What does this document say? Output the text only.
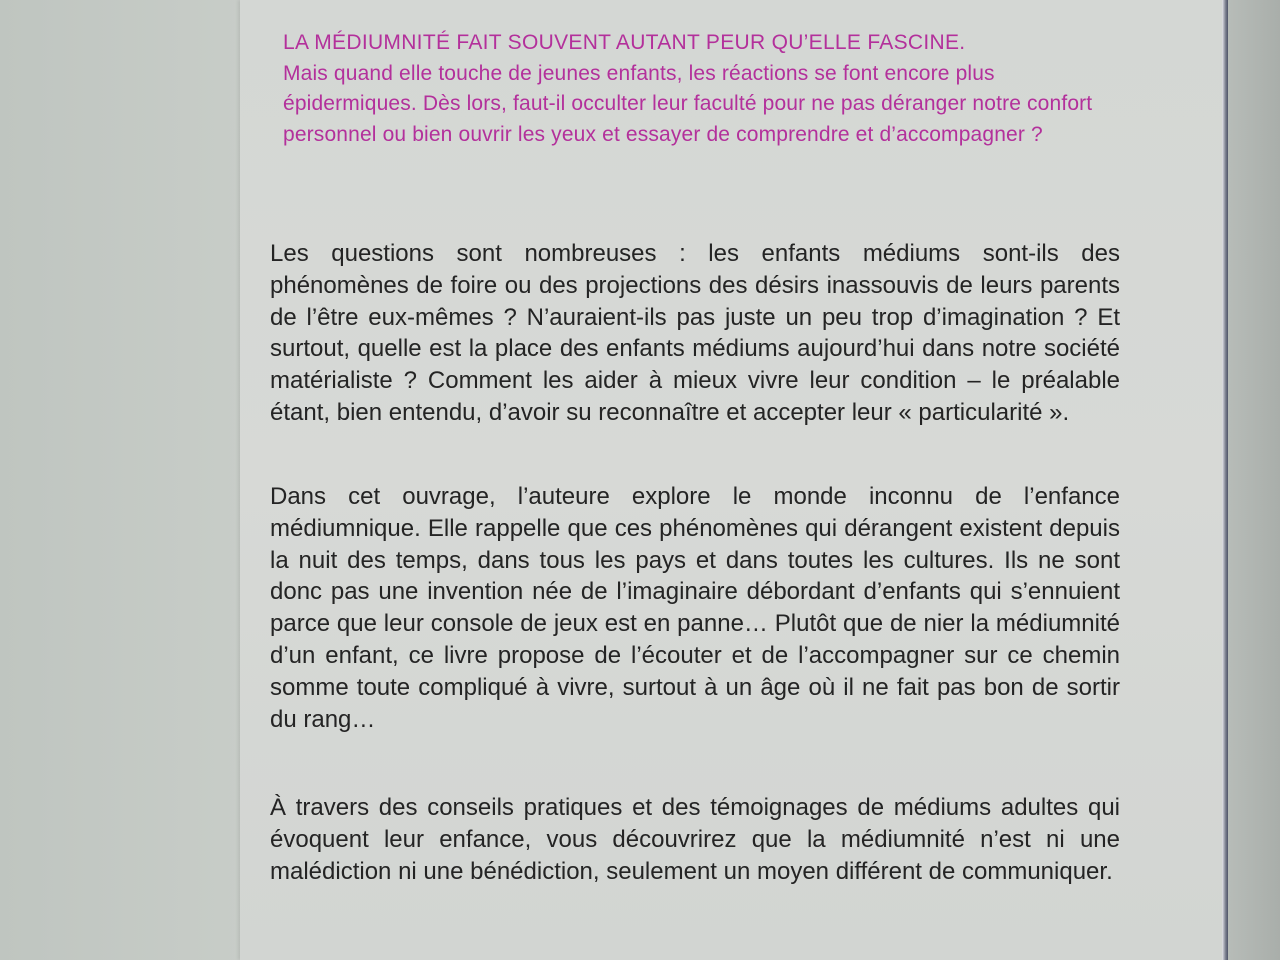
LA MÉDIUMNITÉ FAIT SOUVENT AUTANT PEUR QU’ELLE FASCINE.
Mais quand elle touche de jeunes enfants, les réactions se font encore plus épidermiques. Dès lors, faut-il occulter leur faculté pour ne pas déranger notre confort personnel ou bien ouvrir les yeux et essayer de comprendre et d’accompagner ?

Les questions sont nombreuses : les enfants médiums sont-ils des phénomènes de foire ou des projections des désirs inassouvis de leurs parents de l’être eux-mêmes ? N’auraient-ils pas juste un peu trop d’imagination ? Et surtout, quelle est la place des enfants médiums aujourd’hui dans notre société matérialiste ? Comment les aider à mieux vivre leur condition – le préalable étant, bien entendu, d’avoir su reconnaître et accepter leur « particularité ».

Dans cet ouvrage, l’auteure explore le monde inconnu de l’enfance médiumnique. Elle rappelle que ces phénomènes qui dérangent existent depuis la nuit des temps, dans tous les pays et dans toutes les cultures. Ils ne sont donc pas une invention née de l’imaginaire débordant d’enfants qui s’ennuient parce que leur console de jeux est en panne… Plutôt que de nier la médiumnité d’un enfant, ce livre propose de l’écouter et de l’accompagner sur ce chemin somme toute compliqué à vivre, surtout à un âge où il ne fait pas bon de sortir du rang…

À travers des conseils pratiques et des témoignages de médiums adultes qui évoquent leur enfance, vous découvrirez que la médiumnité n’est ni une malédiction ni une bénédiction, seulement un moyen différent de communiquer.
